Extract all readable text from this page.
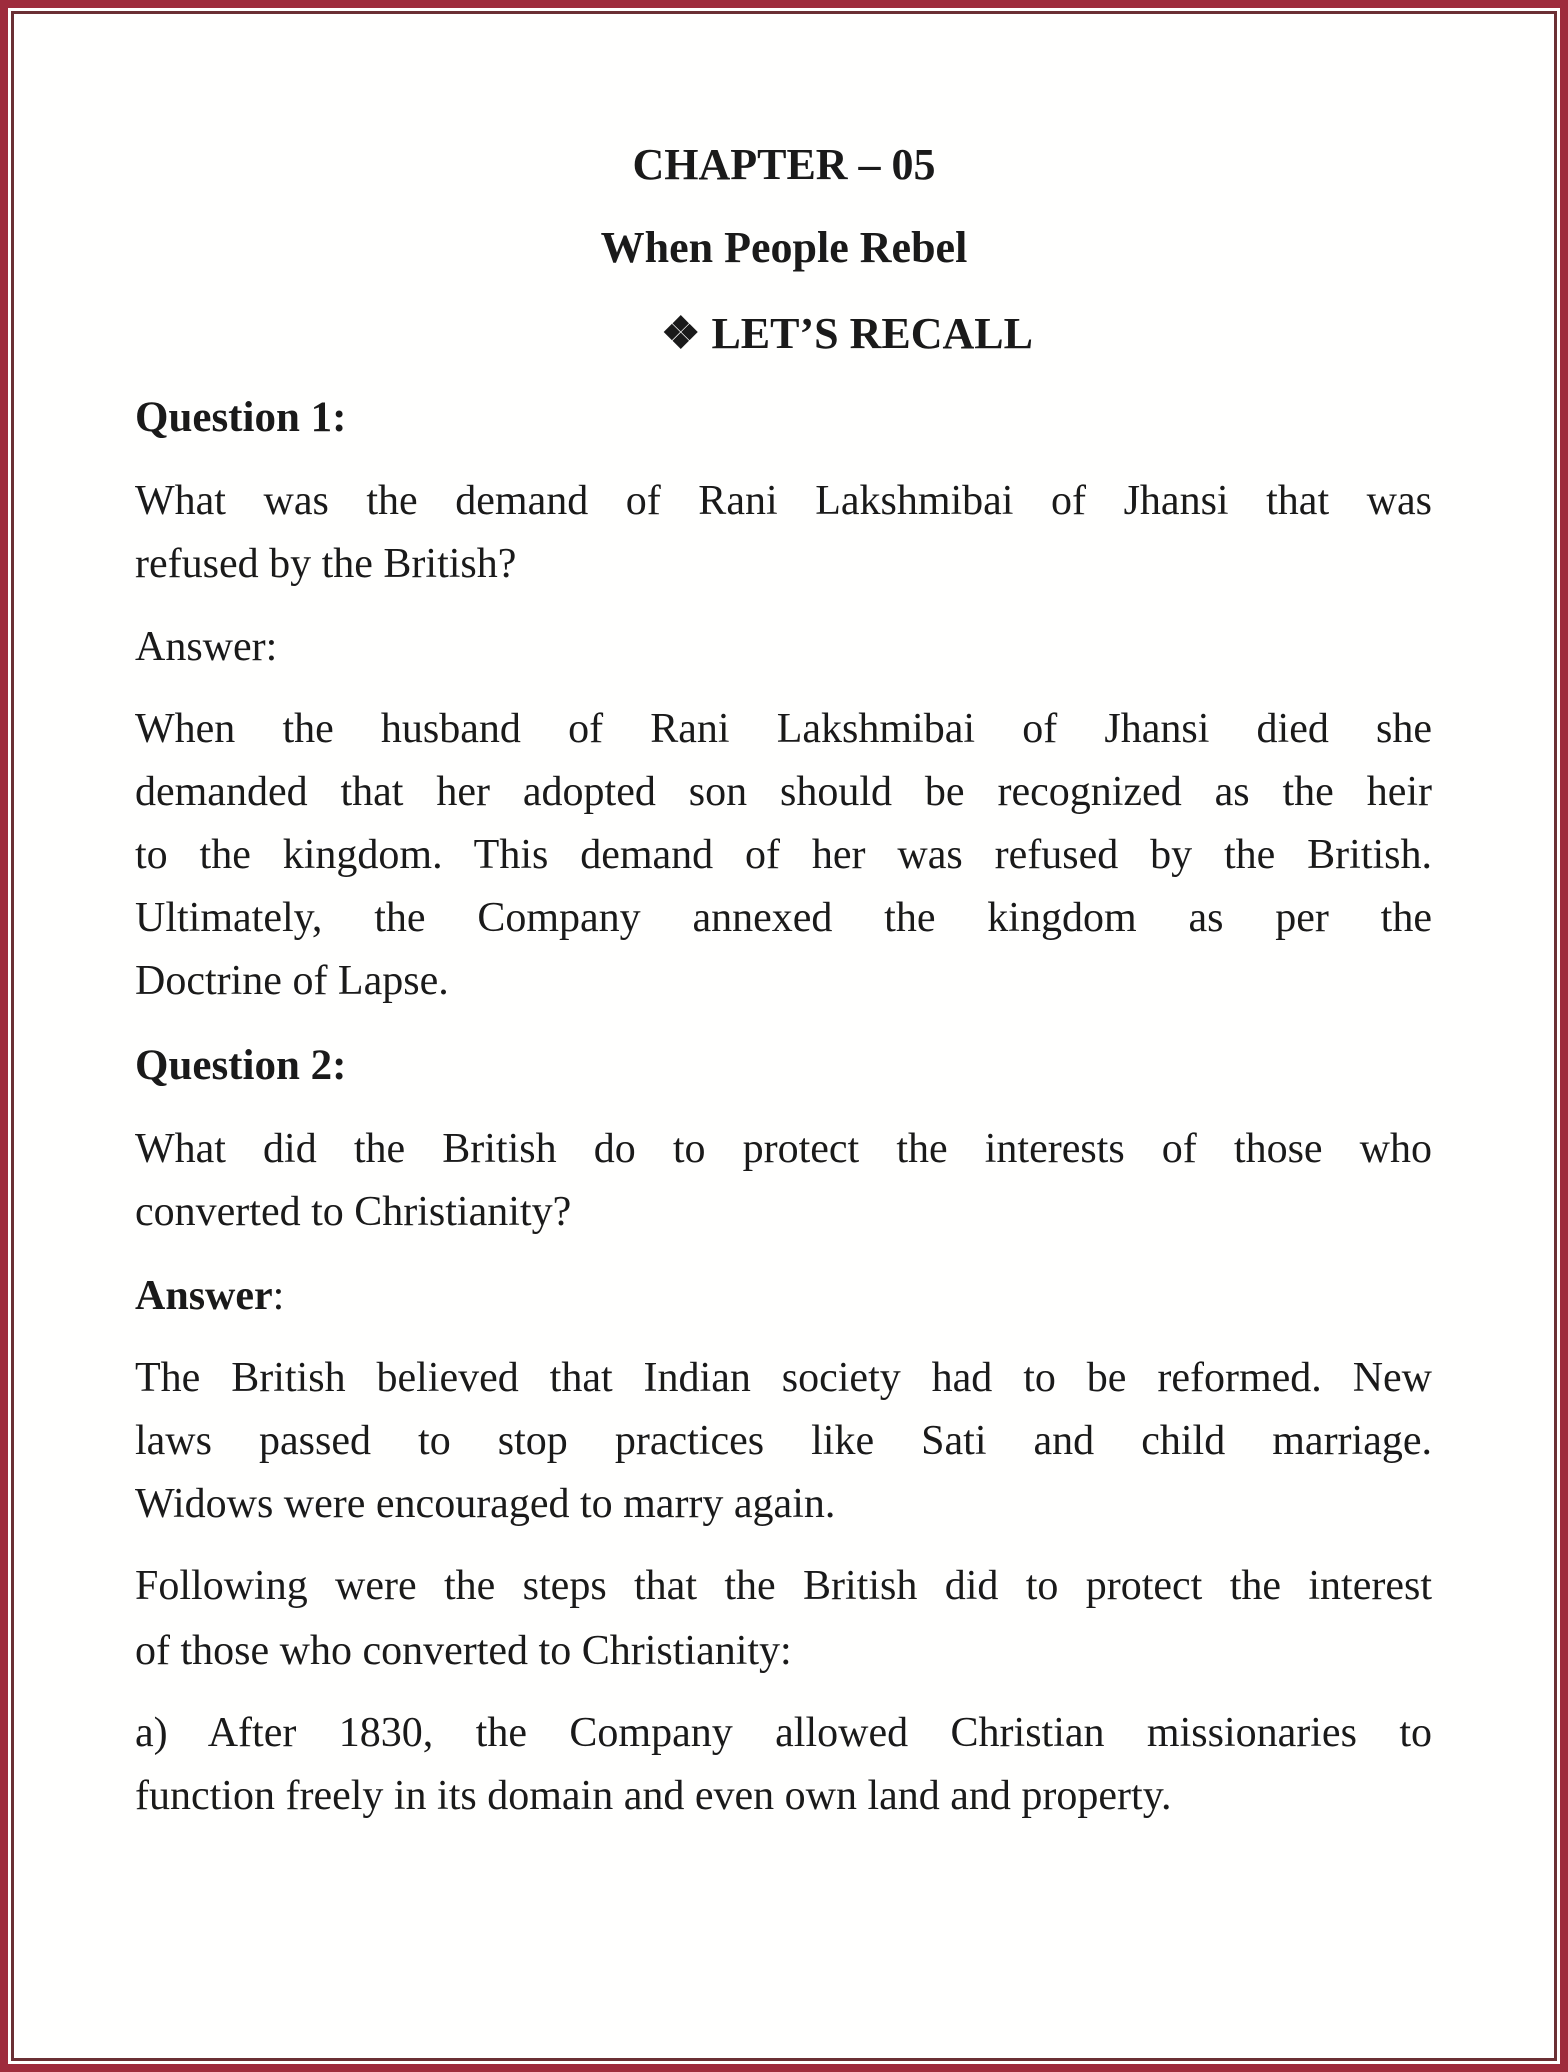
CHAPTER – 05
When People Rebel
❖ LET’S RECALL
Question 1:
What was the demand of Rani Lakshmibai of Jhansi that was
refused by the British?
Answer:
When the husband of Rani Lakshmibai of Jhansi died she
demanded that her adopted son should be recognized as the heir
to the kingdom. This demand of her was refused by the British.
Ultimately, the Company annexed the kingdom as per the
Doctrine of Lapse.
Question 2:
What did the British do to protect the interests of those who
converted to Christianity?
Answer:
The British believed that Indian society had to be reformed. New
laws passed to stop practices like Sati and child marriage.
Widows were encouraged to marry again.
Following were the steps that the British did to protect the interest
of those who converted to Christianity:
a) After 1830, the Company allowed Christian missionaries to
function freely in its domain and even own land and property.
